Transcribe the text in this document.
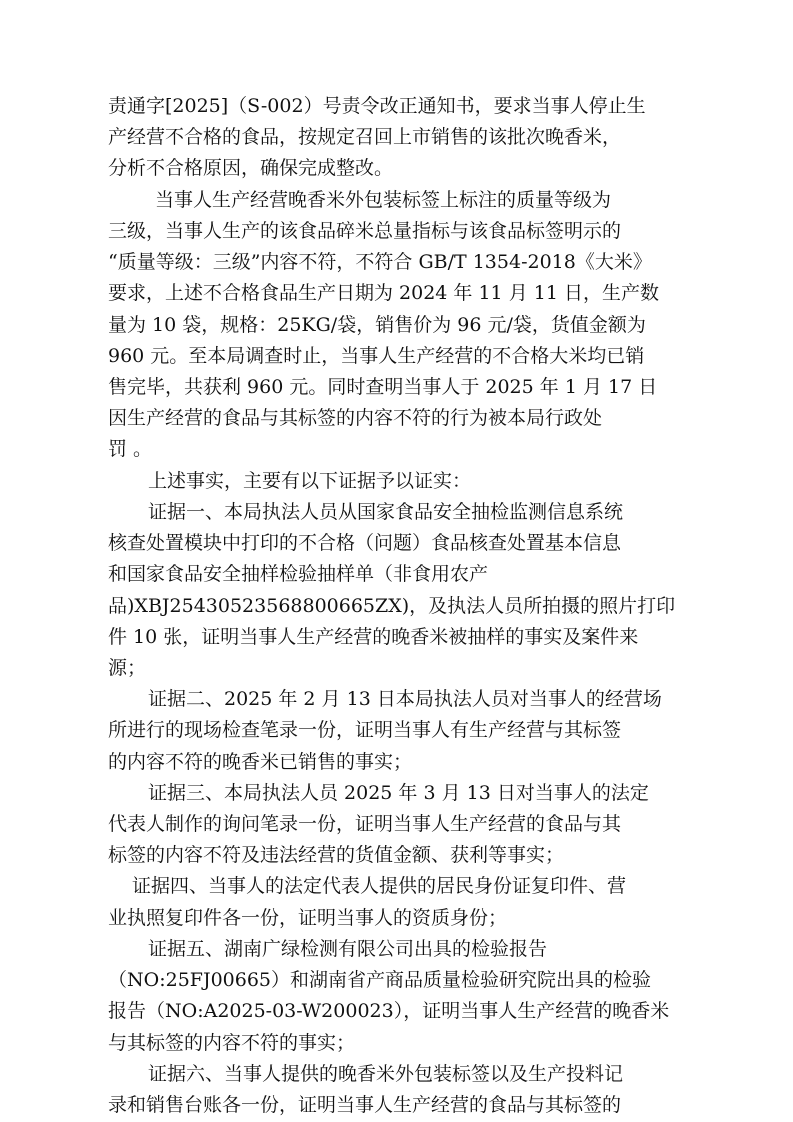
责通字[2025]（S-002）号责令改正通知书，要求当事人停止生
产经营不合格的食品，按规定召回上市销售的该批次晚香米，
分析不合格原因，确保完成整改。
当事人生产经营晚香米外包装标签上标注的质量等级为
三级，当事人生产的该食品碎米总量指标与该食品标签明示的
“质量等级：三级”内容不符，不符合 GB/T 1354-2018《大米》
要求，上述不合格食品生产日期为 2024 年 11 月 11 日，生产数
量为 10 袋，规格：25KG/袋，销售价为 96 元/袋，货值金额为
960 元。至本局调查时止，当事人生产经营的不合格大米均已销
售完毕，共获利 960 元。同时查明当事人于 2025 年 1 月 17 日
因生产经营的食品与其标签的内容不符的行为被本局行政处
罚 。
上述事实，主要有以下证据予以证实：
证据一、本局执法人员从国家食品安全抽检监测信息系统
核查处置模块中打印的不合格（问题）食品核查处置基本信息
和国家食品安全抽样检验抽样单（非食用农产
品)XBJ25430523568800665ZX)，及执法人员所拍摄的照片打印
件 10 张，证明当事人生产经营的晚香米被抽样的事实及案件来
源；
证据二、2025 年 2 月 13 日本局执法人员对当事人的经营场
所进行的现场检查笔录一份，证明当事人有生产经营与其标签
的内容不符的晚香米已销售的事实；
证据三、本局执法人员 2025 年 3 月 13 日对当事人的法定
代表人制作的询问笔录一份，证明当事人生产经营的食品与其
标签的内容不符及违法经营的货值金额、获利等事实；
证据四、当事人的法定代表人提供的居民身份证复印件、营
业执照复印件各一份，证明当事人的资质身份；
证据五、湖南广绿检测有限公司出具的检验报告
（NO:25FJ00665）和湖南省产商品质量检验研究院出具的检验
报告（NO:A2025-03-W200023），证明当事人生产经营的晚香米
与其标签的内容不符的事实；
证据六、当事人提供的晚香米外包装标签以及生产投料记
录和销售台账各一份，证明当事人生产经营的食品与其标签的
